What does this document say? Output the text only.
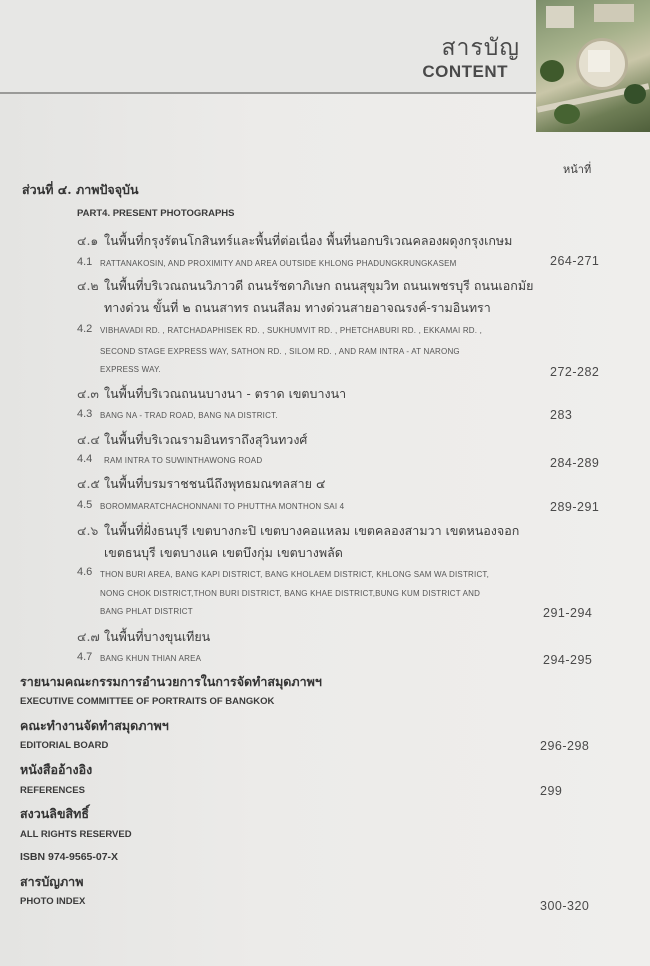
สารบัญ
CONTENT
หน้าที่
ส่วนที่ ๔. ภาพปัจจุบัน
PART4. PRESENT PHOTOGRAPHS
๔.๑ ในพื้นที่กรุงรัตนโกสินทร์และพื้นที่ต่อเนื่อง พื้นที่นอกบริเวณคลองผดุงกรุงเกษม
4.1 RATTANAKOSIN, AND PROXIMITY AND AREA OUTSIDE KHLONG PHADUNGKRUNGKASEM	264-271
๔.๒ ในพื้นที่บริเวณถนนวิภาวดี ถนนรัชดาภิเษก ถนนสุขุมวิท ถนนเพชรบุรี ถนนเอกมัย
ทางด่วน ขั้นที่ ๒ ถนนสาทร ถนนสีลม ทางด่วนสายอาจณรงค์-รามอินทรา
4.2 VIBHAVADI RD. , RATCHADAPHISEK RD. , SUKHUMVIT RD. , PHETCHABURI RD. , EKKAMAI RD. ,
SECOND STAGE EXPRESS WAY, SATHON RD. , SILOM RD. , AND RAM INTRA - AT NARONG
EXPRESS WAY.	272-282
๔.๓ ในพื้นที่บริเวณถนนบางนา - ตราด เขตบางนา
4.3 BANG NA - TRAD ROAD, BANG NA DISTRICT.	283
๔.๔ ในพื้นที่บริเวณรามอินทราถึงสุวินทวงศ์
4.4 RAM INTRA TO SUWINTHAWONG ROAD	284-289
๔.๕ ในพื้นที่บรมราชชนนีถึงพุทธมณฑลสาย ๔
4.5 BOROMMARATCHACHONNANI TO PHUTTHA MONTHON SAI 4	289-291
๔.๖ ในพื้นที่ฝั่งธนบุรี เขตบางกะปิ เขตบางคอแหลม เขตคลองสามวา เขตหนองจอก
เขตธนบุรี เขตบางแค เขตบึงกุ่ม เขตบางพลัด
4.6 THON BURI AREA, BANG KAPI DISTRICT, BANG KHOLAEM DISTRICT, KHLONG SAM WA DISTRICT,
NONG CHOK DISTRICT,THON BURI DISTRICT, BANG KHAE DISTRICT,BUNG KUM DISTRICT AND
BANG PHLAT DISTRICT	291-294
๔.๗ ในพื้นที่บางขุนเทียน
4.7 BANG KHUN THIAN AREA	294-295
รายนามคณะกรรมการอำนวยการในการจัดทำสมุดภาพฯ
EXECUTIVE COMMITTEE OF PORTRAITS OF BANGKOK
คณะทำงานจัดทำสมุดภาพฯ
EDITORIAL BOARD	296-298
หนังสืออ้างอิง
REFERENCES	299
สงวนลิขสิทธิ์
ALL RIGHTS RESERVED
ISBN 974-9565-07-X
สารบัญภาพ
PHOTO INDEX	300-320
